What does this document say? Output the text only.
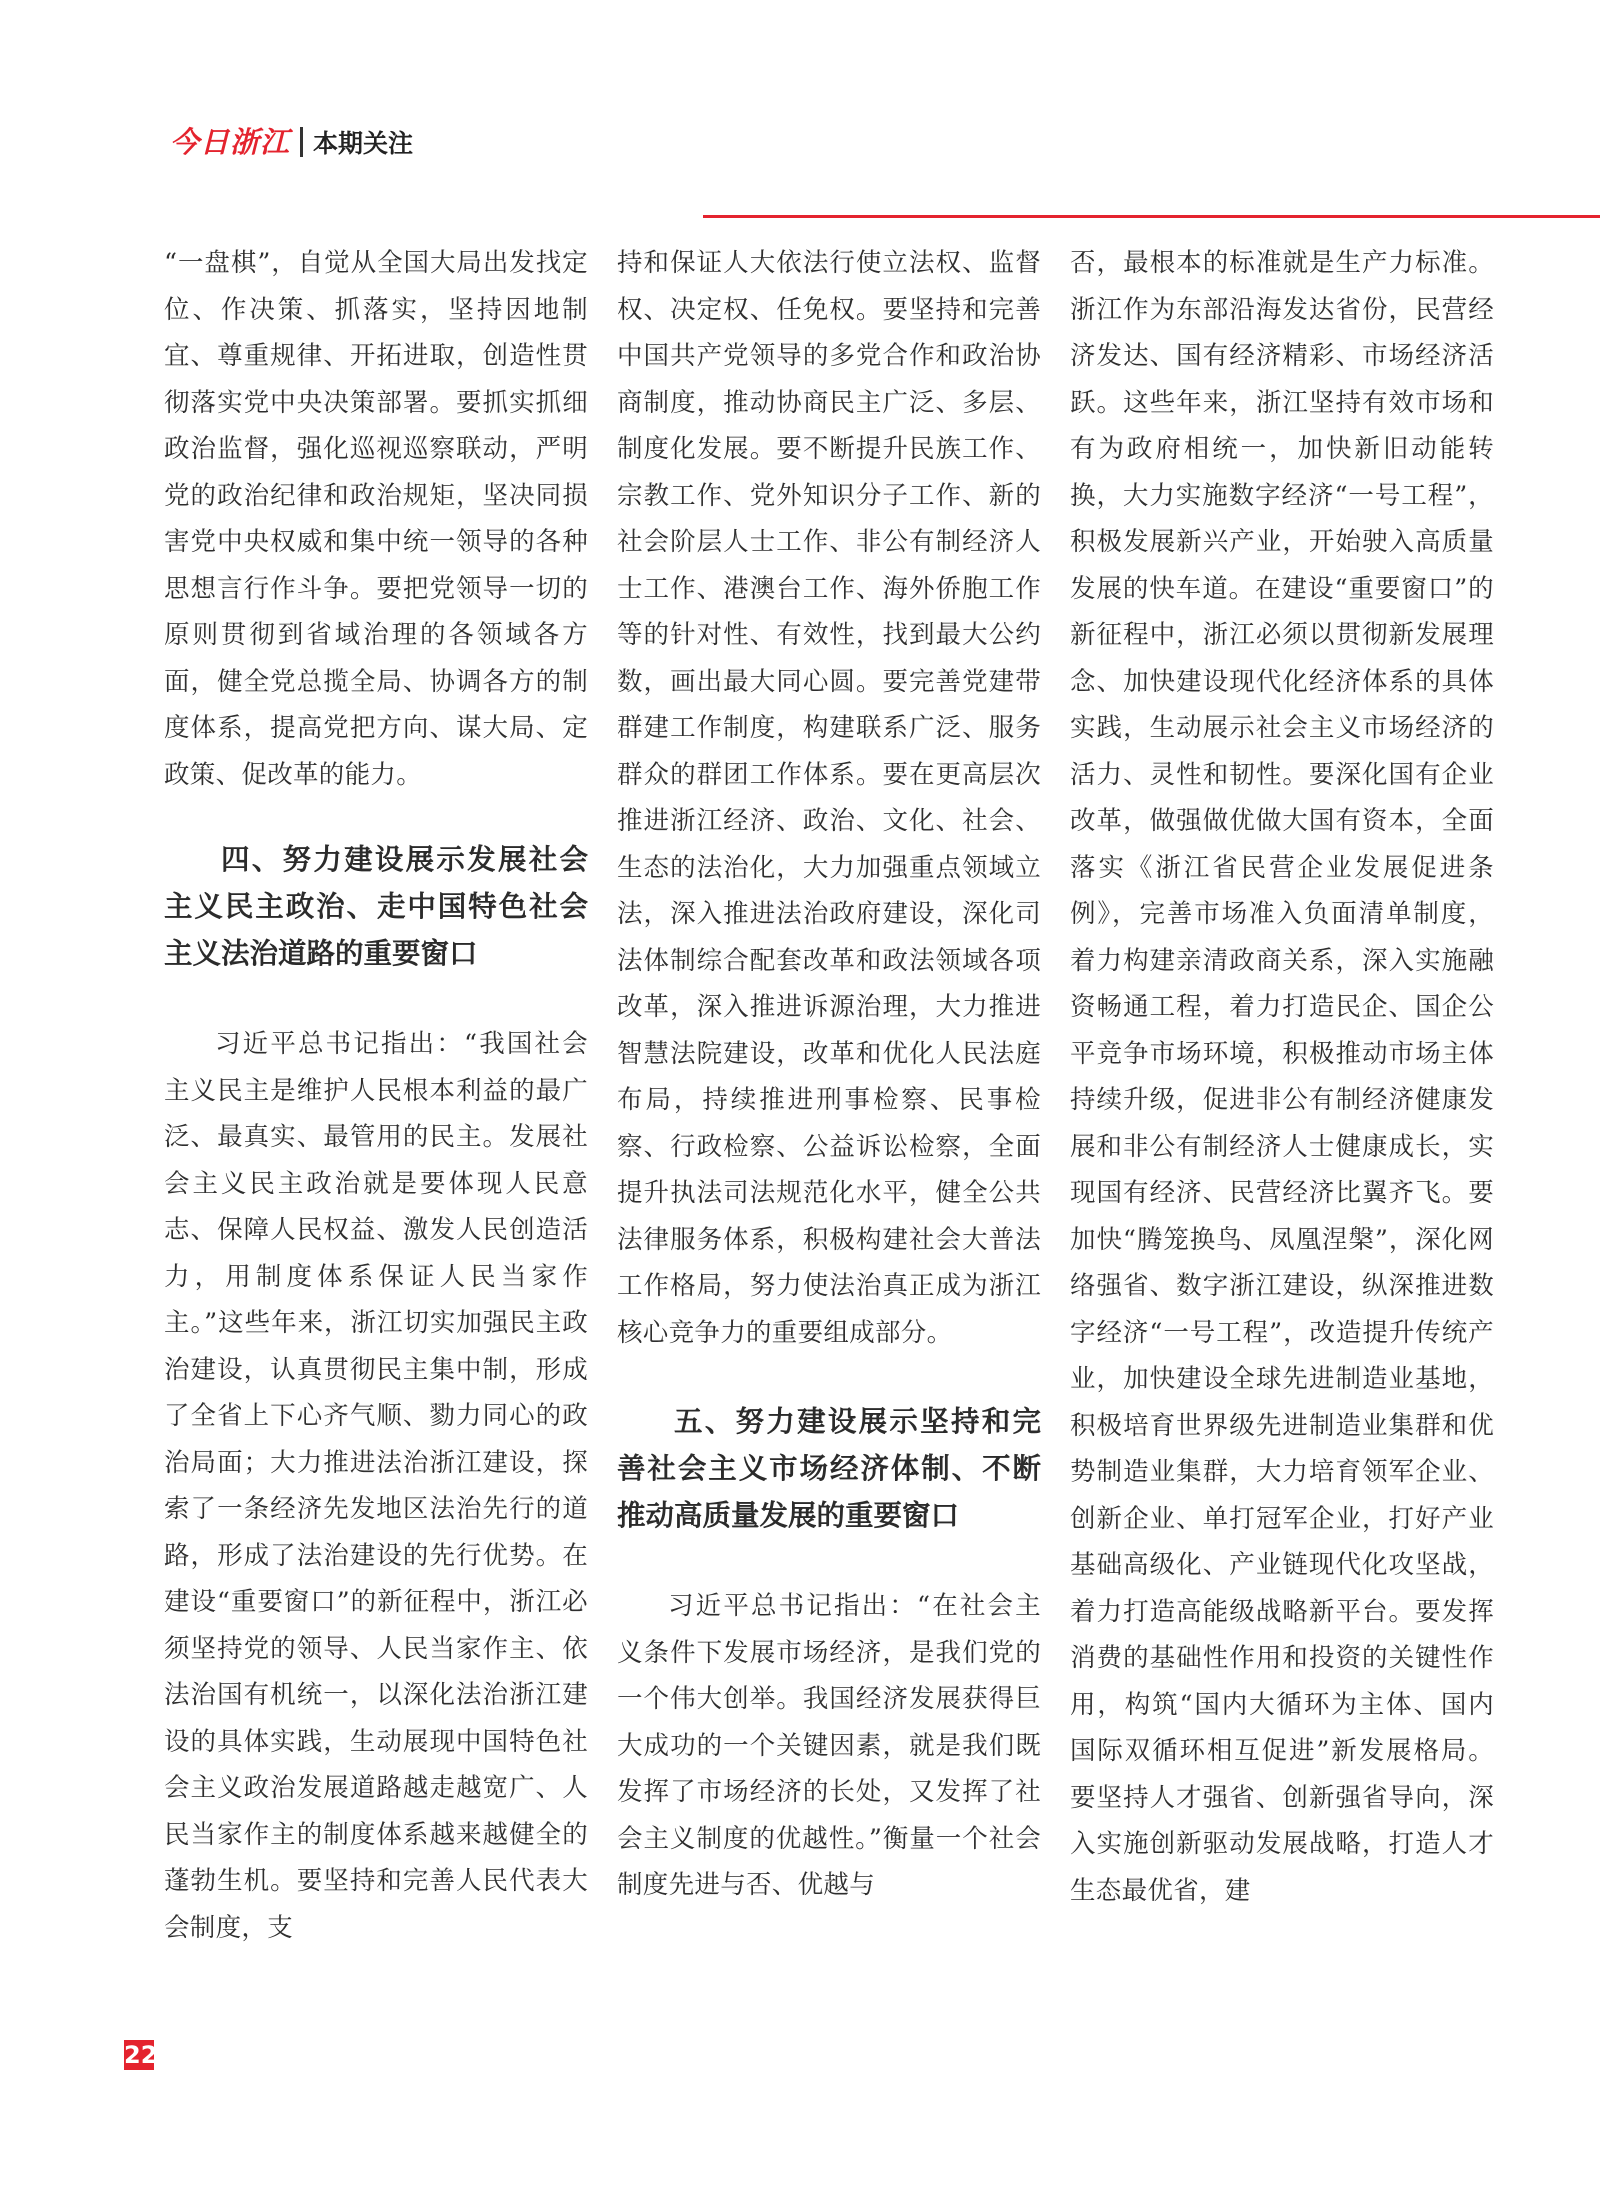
今日浙江 本期关注

“一盘棋”，自觉从全国大局出发找定位、作决策、抓落实，坚持因地制宜、尊重规律、开拓进取，创造性贯彻落实党中央决策部署。要抓实抓细政治监督，强化巡视巡察联动，严明党的政治纪律和政治规矩，坚决同损害党中央权威和集中统一领导的各种思想言行作斗争。要把党领导一切的原则贯彻到省域治理的各领域各方面，健全党总揽全局、协调各方的制度体系，提高党把方向、谋大局、定政策、促改革的能力。

四、努力建设展示发展社会主义民主政治、走中国特色社会主义法治道路的重要窗口

习近平总书记指出：“我国社会主义民主是维护人民根本利益的最广泛、最真实、最管用的民主。发展社会主义民主政治就是要体现人民意志、保障人民权益、激发人民创造活力，用制度体系保证人民当家作主。”这些年来，浙江切实加强民主政治建设，认真贯彻民主集中制，形成了全省上下心齐气顺、勠力同心的政治局面；大力推进法治浙江建设，探索了一条经济先发地区法治先行的道路，形成了法治建设的先行优势。在建设“重要窗口”的新征程中，浙江必须坚持党的领导、人民当家作主、依法治国有机统一，以深化法治浙江建设的具体实践，生动展现中国特色社会主义政治发展道路越走越宽广、人民当家作主的制度体系越来越健全的蓬勃生机。要坚持和完善人民代表大会制度，支

持和保证人大依法行使立法权、监督权、决定权、任免权。要坚持和完善中国共产党领导的多党合作和政治协商制度，推动协商民主广泛、多层、制度化发展。要不断提升民族工作、宗教工作、党外知识分子工作、新的社会阶层人士工作、非公有制经济人士工作、港澳台工作、海外侨胞工作等的针对性、有效性，找到最大公约数，画出最大同心圆。要完善党建带群建工作制度，构建联系广泛、服务群众的群团工作体系。要在更高层次推进浙江经济、政治、文化、社会、生态的法治化，大力加强重点领域立法，深入推进法治政府建设，深化司法体制综合配套改革和政法领域各项改革，深入推进诉源治理，大力推进智慧法院建设，改革和优化人民法庭布局，持续推进刑事检察、民事检察、行政检察、公益诉讼检察，全面提升执法司法规范化水平，健全公共法律服务体系，积极构建社会大普法工作格局，努力使法治真正成为浙江核心竞争力的重要组成部分。

五、努力建设展示坚持和完善社会主义市场经济体制、不断推动高质量发展的重要窗口

习近平总书记指出：“在社会主义条件下发展市场经济，是我们党的一个伟大创举。我国经济发展获得巨大成功的一个关键因素，就是我们既发挥了市场经济的长处，又发挥了社会主义制度的优越性。”衡量一个社会制度先进与否、优越与

否，最根本的标准就是生产力标准。浙江作为东部沿海发达省份，民营经济发达、国有经济精彩、市场经济活跃。这些年来，浙江坚持有效市场和有为政府相统一，加快新旧动能转换，大力实施数字经济“一号工程”，积极发展新兴产业，开始驶入高质量发展的快车道。在建设“重要窗口”的新征程中，浙江必须以贯彻新发展理念、加快建设现代化经济体系的具体实践，生动展示社会主义市场经济的活力、灵性和韧性。要深化国有企业改革，做强做优做大国有资本，全面落实《浙江省民营企业发展促进条例》，完善市场准入负面清单制度，着力构建亲清政商关系，深入实施融资畅通工程，着力打造民企、国企公平竞争市场环境，积极推动市场主体持续升级，促进非公有制经济健康发展和非公有制经济人士健康成长，实现国有经济、民营经济比翼齐飞。要加快“腾笼换鸟、凤凰涅槃”，深化网络强省、数字浙江建设，纵深推进数字经济“一号工程”，改造提升传统产业，加快建设全球先进制造业基地，积极培育世界级先进制造业集群和优势制造业集群，大力培育领军企业、创新企业、单打冠军企业，打好产业基础高级化、产业链现代化攻坚战，着力打造高能级战略新平台。要发挥消费的基础性作用和投资的关键性作用，构筑“国内大循环为主体、国内国际双循环相互促进”新发展格局。要坚持人才强省、创新强省导向，深入实施创新驱动发展战略，打造人才生态最优省，建

22
